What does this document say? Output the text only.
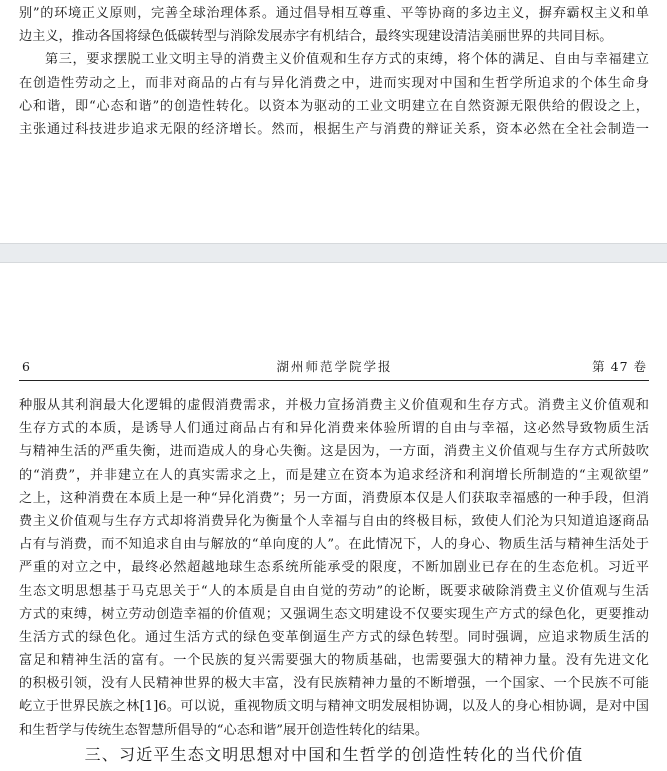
别”的环境正义原则，完善全球治理体系。通过倡导相互尊重、平等协商的多边主义，摒弃霸权主义和单
边主义，推动各国将绿色低碳转型与消除发展赤字有机结合，最终实现建设清洁美丽世界的共同目标。
第三，要求摆脱工业文明主导的消费主义价值观和生存方式的束缚，将个体的满足、自由与幸福建立
在创造性劳动之上，而非对商品的占有与异化消费之中，进而实现对中国和生哲学所追求的个体生命身
心和谐，即“心态和谐”的创造性转化。以资本为驱动的工业文明建立在自然资源无限供给的假设之上，
主张通过科技进步追求无限的经济增长。然而，根据生产与消费的辩证关系，资本必然在全社会制造一
6	湖州师范学院学报	第 47 卷
种服从其利润最大化逻辑的虚假消费需求，并极力宣扬消费主义价值观和生存方式。消费主义价值观和
生存方式的本质，是诱导人们通过商品占有和异化消费来体验所谓的自由与幸福，这必然导致物质生活
与精神生活的严重失衡，进而造成人的身心失衡。这是因为，一方面，消费主义价值观与生存方式所鼓吹
的“消费”，并非建立在人的真实需求之上，而是建立在资本为追求经济和利润增长所制造的“主观欲望”
之上，这种消费在本质上是一种“异化消费”；另一方面，消费原本仅是人们获取幸福感的一种手段，但消
费主义价值观与生存方式却将消费异化为衡量个人幸福与自由的终极目标，致使人们沦为只知道追逐商品
占有与消费，而不知追求自由与解放的“单向度的人”。在此情况下，人的身心、物质生活与精神生活处于
严重的对立之中，最终必然超越地球生态系统所能承受的限度，不断加剧业已存在的生态危机。习近平
生态文明思想基于马克思关于“人的本质是自由自觉的劳动”的论断，既要求破除消费主义价值观与生活
方式的束缚，树立劳动创造幸福的价值观；又强调生态文明建设不仅要实现生产方式的绿色化，更要推动
生活方式的绿色化。通过生活方式的绿色变革倒逼生产方式的绿色转型。同时强调，应追求物质生活的
富足和精神生活的富有。一个民族的复兴需要强大的物质基础，也需要强大的精神力量。没有先进文化
的积极引领，没有人民精神世界的极大丰富，没有民族精神力量的不断增强，一个国家、一个民族不可能
屹立于世界民族之林[1]6。可以说，重视物质文明与精神文明发展相协调，以及人的身心相协调，是对中国
和生哲学与传统生态智慧所倡导的“心态和谐”展开创造性转化的结果。
三、习近平生态文明思想对中国和生哲学的创造性转化的当代价值
